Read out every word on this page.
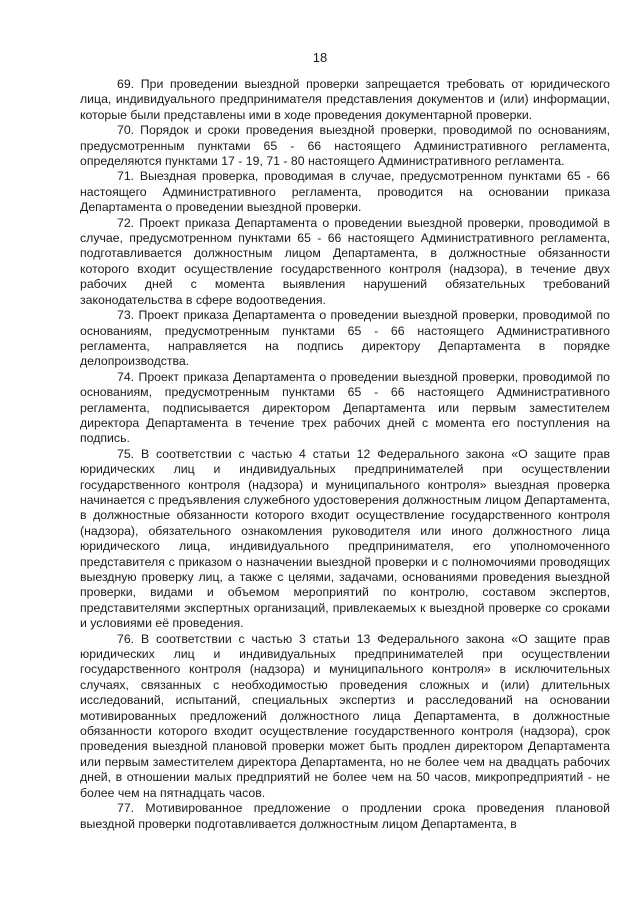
18

69. При проведении выездной проверки запрещается требовать от юридического лица, индивидуального предпринимателя представления документов и (или) информации, которые были представлены ими в ходе проведения документарной проверки.

70. Порядок и сроки проведения выездной проверки, проводимой по основаниям, предусмотренным пунктами 65 - 66 настоящего Административного регламента, определяются пунктами 17 - 19, 71 - 80 настоящего Административного регламента.

71. Выездная проверка, проводимая в случае, предусмотренном пунктами 65 - 66 настоящего Административного регламента, проводится на основании приказа Департамента о проведении выездной проверки.

72. Проект приказа Департамента о проведении выездной проверки, проводимой в случае, предусмотренном пунктами 65 - 66 настоящего Административного регламента, подготавливается должностным лицом Департамента, в должностные обязанности которого входит осуществление государственного контроля (надзора), в течение двух рабочих дней с момента выявления нарушений обязательных требований законодательства в сфере водоотведения.

73. Проект приказа Департамента о проведении выездной проверки, проводимой по основаниям, предусмотренным пунктами 65 - 66 настоящего Административного регламента, направляется на подпись директору Департамента в порядке делопроизводства.

74. Проект приказа Департамента о проведении выездной проверки, проводимой по основаниям, предусмотренным пунктами 65 - 66 настоящего Административного регламента, подписывается директором Департамента или первым заместителем директора Департамента в течение трех рабочих дней с момента его поступления на подпись.

75. В соответствии с частью 4 статьи 12 Федерального закона «О защите прав юридических лиц и индивидуальных предпринимателей при осуществлении государственного контроля (надзора) и муниципального контроля» выездная проверка начинается с предъявления служебного удостоверения должностным лицом Департамента, в должностные обязанности которого входит осуществление государственного контроля (надзора), обязательного ознакомления руководителя или иного должностного лица юридического лица, индивидуального предпринимателя, его уполномоченного представителя с приказом о назначении выездной проверки и с полномочиями проводящих выездную проверку лиц, а также с целями, задачами, основаниями проведения выездной проверки, видами и объемом мероприятий по контролю, составом экспертов, представителями экспертных организаций, привлекаемых к выездной проверке со сроками и условиями её проведения.

76. В соответствии с частью 3 статьи 13 Федерального закона «О защите прав юридических лиц и индивидуальных предпринимателей при осуществлении государственного контроля (надзора) и муниципального контроля» в исключительных случаях, связанных с необходимостью проведения сложных и (или) длительных исследований, испытаний, специальных экспертиз и расследований на основании мотивированных предложений должностного лица Департамента, в должностные обязанности которого входит осуществление государственного контроля (надзора), срок проведения выездной плановой проверки может быть продлен директором Департамента или первым заместителем директора Департамента, но не более чем на двадцать рабочих дней, в отношении малых предприятий не более чем на 50 часов, микропредприятий - не более чем на пятнадцать часов.

77. Мотивированное предложение о продлении срока проведения плановой выездной проверки подготавливается должностным лицом Департамента, в
